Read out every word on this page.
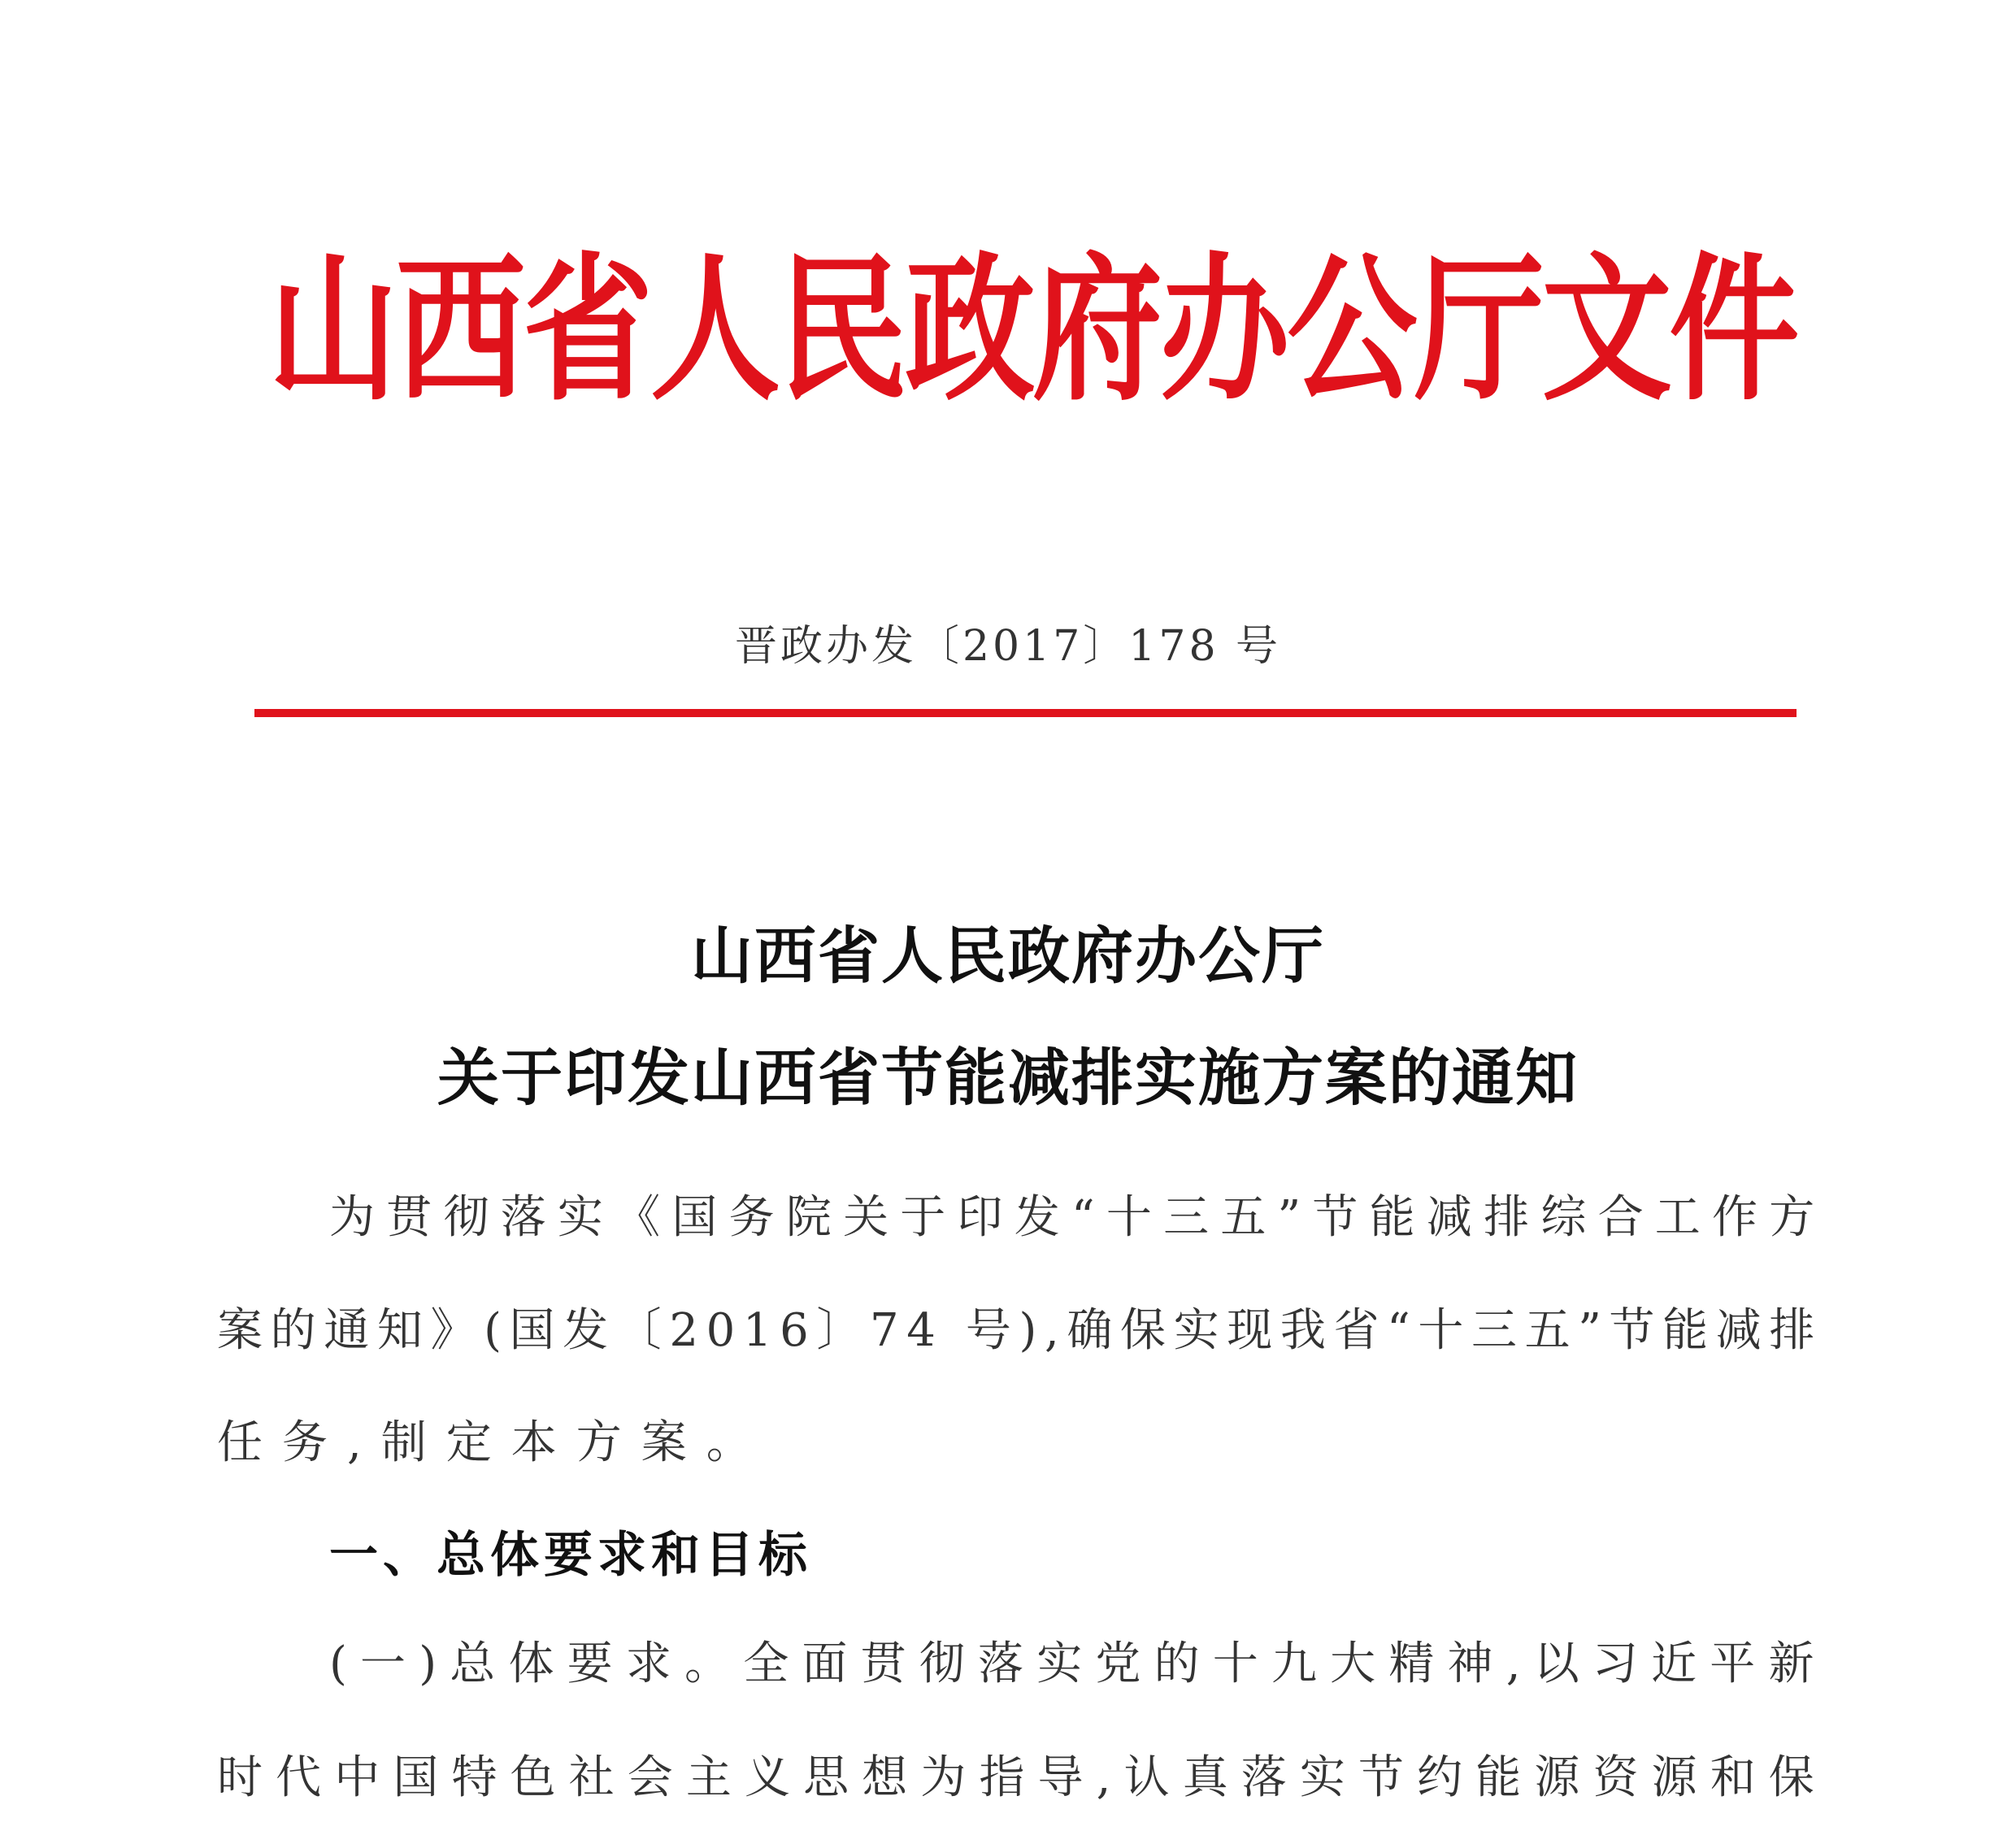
山西省人民政府办公厅文件
晋政办发〔2017〕178 号
山西省人民政府办公厅
关于印发山西省节能减排实施方案的通知
为贯彻落实《国务院关于印发“十三五”节能减排综合工作方
案的通知》(国发〔2016〕74 号),确保实现我省“十三五”节能减排
任务,制定本方案。
一、总体要求和目标
(一)总体要求。全面贯彻落实党的十九大精神,以习近平新
时代中国特色社会主义思想为指导,认真落实节约能源资源和保
